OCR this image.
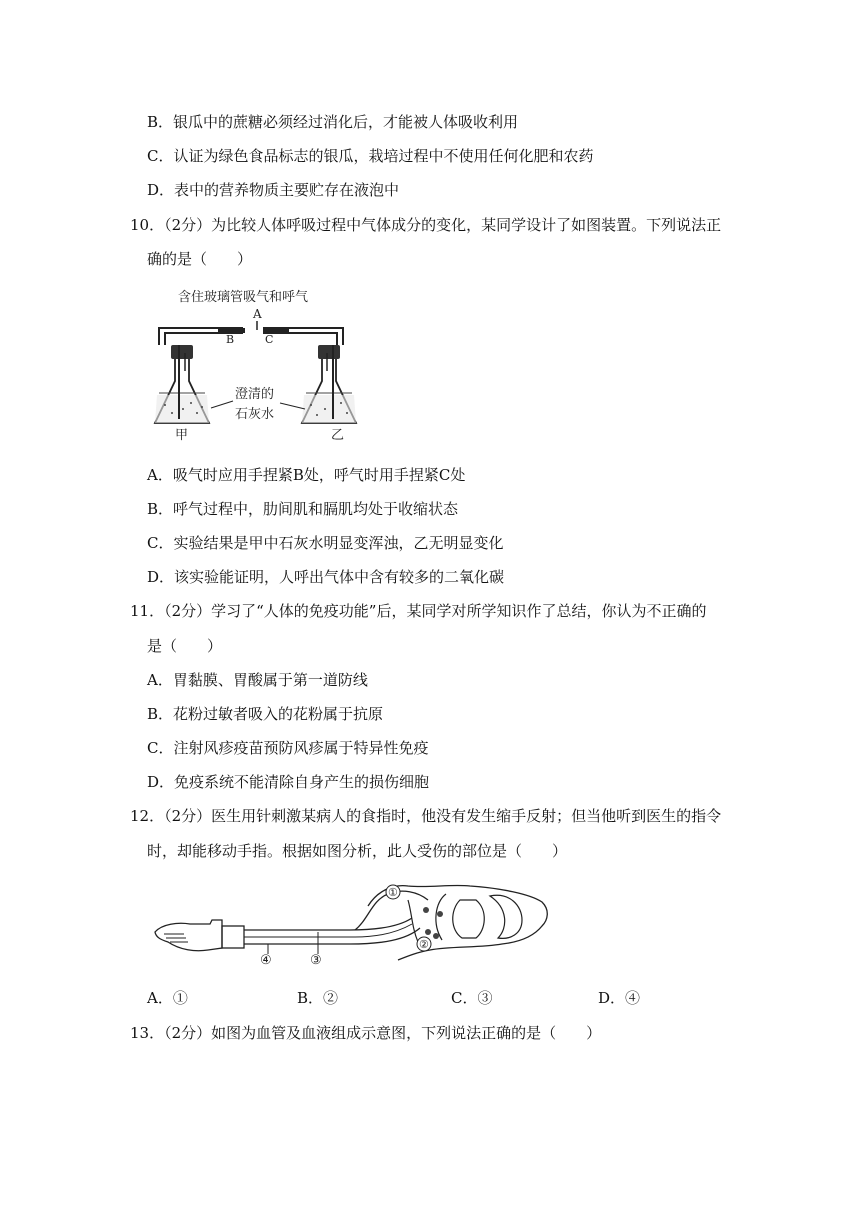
B．银瓜中的蔗糖必须经过消化后，才能被人体吸收利用
C．认证为绿色食品标志的银瓜，栽培过程中不使用任何化肥和农药
D．表中的营养物质主要贮存在液泡中
10．（2分）为比较人体呼吸过程中气体成分的变化，某同学设计了如图装置。下列说法正
确的是（　　）
含住玻璃管吸气和呼气
A
B	C
澄清的
石灰水
甲	乙
A．吸气时应用手捏紧B处，呼气时用手捏紧C处
B．呼气过程中，肋间肌和膈肌均处于收缩状态
C．实验结果是甲中石灰水明显变浑浊，乙无明显变化
D．该实验能证明，人呼出气体中含有较多的二氧化碳
11．（2分）学习了“人体的免疫功能”后，某同学对所学知识作了总结，你认为不正确的
是（　　）
A．胃黏膜、胃酸属于第一道防线
B．花粉过敏者吸入的花粉属于抗原
C．注射风疹疫苗预防风疹属于特异性免疫
D．免疫系统不能清除自身产生的损伤细胞
12．（2分）医生用针刺激某病人的食指时，他没有发生缩手反射；但当他听到医生的指令
时，却能移动手指。根据如图分析，此人受伤的部位是（　　）
①
②
③
④
A．①	B．②	C．③	D．④
13．（2分）如图为血管及血液组成示意图，下列说法正确的是（　　）
